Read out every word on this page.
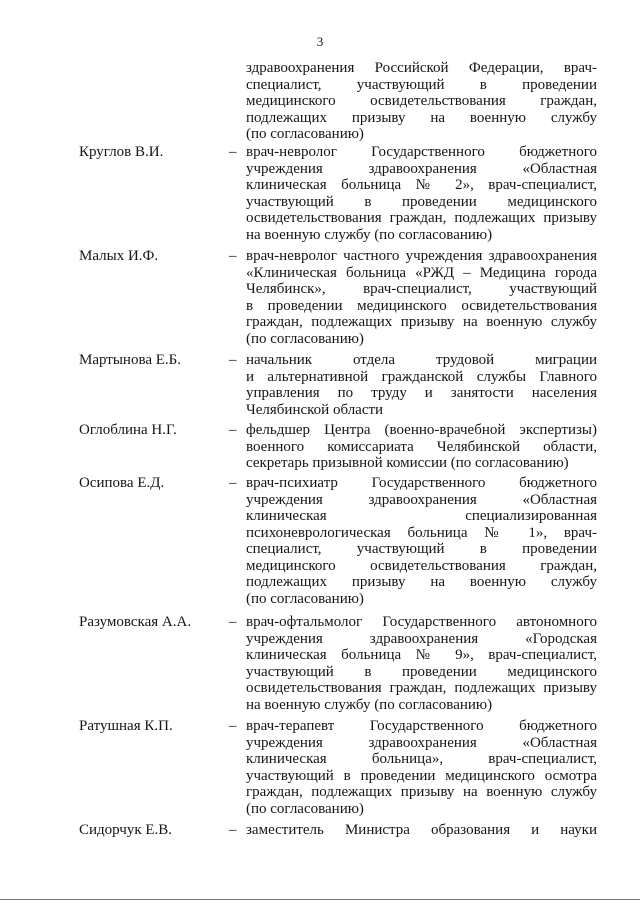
3
здравоохранения Российской Федерации, врач-
специалист, участвующий в проведении
медицинского освидетельствования граждан,
подлежащих призыву на военную службу
(по согласованию)
Круглов В.И.	– врач-невролог Государственного бюджетного
учреждения здравоохранения «Областная
клиническая больница № 2», врач-специалист,
участвующий в проведении медицинского
освидетельствования граждан, подлежащих призыву
на военную службу (по согласованию)
Малых И.Ф.	– врач-невролог частного учреждения здравоохранения
«Клиническая больница «РЖД – Медицина города
Челябинск», врач-специалист, участвующий
в проведении медицинского освидетельствования
граждан, подлежащих призыву на военную службу
(по согласованию)
Мартынова Е.Б.	– начальник отдела трудовой миграции
и альтернативной гражданской службы Главного
управления по труду и занятости населения
Челябинской области
Оглоблина Н.Г.	– фельдшер Центра (военно-врачебной экспертизы)
военного комиссариата Челябинской области,
секретарь призывной комиссии (по согласованию)
Осипова Е.Д.	– врач-психиатр Государственного бюджетного
учреждения здравоохранения «Областная
клиническая специализированная
психоневрологическая больница № 1», врач-
специалист, участвующий в проведении
медицинского освидетельствования граждан,
подлежащих призыву на военную службу
(по согласованию)
Разумовская А.А.	– врач-офтальмолог Государственного автономного
учреждения здравоохранения «Городская
клиническая больница № 9», врач-специалист,
участвующий в проведении медицинского
освидетельствования граждан, подлежащих призыву
на военную службу (по согласованию)
Ратушная К.П.	– врач-терапевт Государственного бюджетного
учреждения здравоохранения «Областная
клиническая больница», врач-специалист,
участвующий в проведении медицинского осмотра
граждан, подлежащих призыву на военную службу
(по согласованию)
Сидорчук Е.В.	– заместитель Министра образования и науки
